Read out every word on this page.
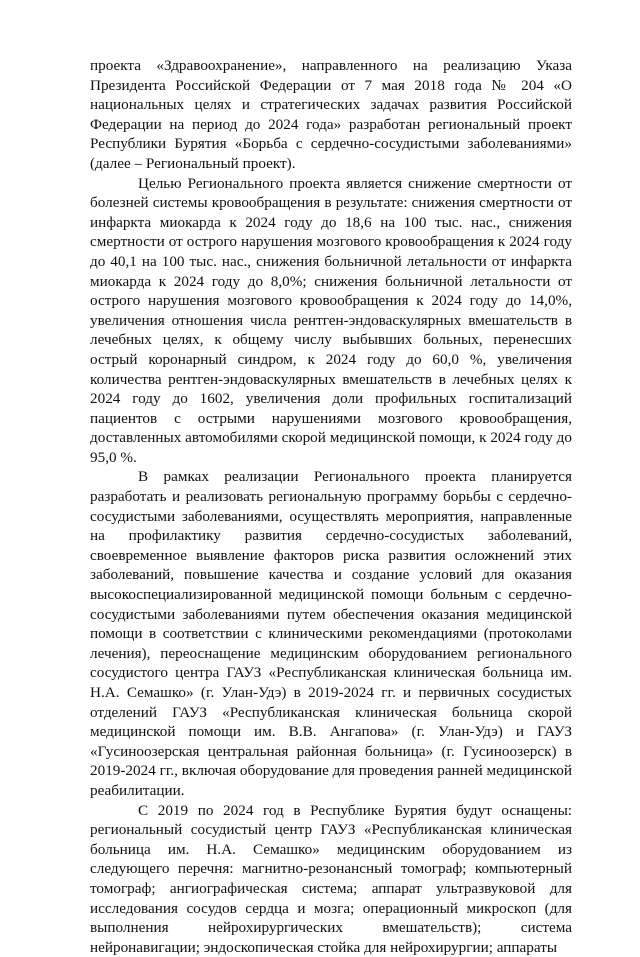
проекта «Здравоохранение», направленного на реализацию Указа Президента Российской Федерации от 7 мая 2018 года № 204 «О национальных целях и стратегических задачах развития Российской Федерации на период до 2024 года» разработан региональный проект Республики Бурятия «Борьба с сердечно-сосудистыми заболеваниями» (далее – Региональный проект).

Целью Регионального проекта является снижение смертности от болезней системы кровообращения в результате: снижения смертности от инфаркта миокарда к 2024 году до 18,6 на 100 тыс. нас., снижения смертности от острого нарушения мозгового кровообращения к 2024 году до 40,1 на 100 тыс. нас., снижения больничной летальности от инфаркта миокарда к 2024 году до 8,0%; снижения больничной летальности от острого нарушения мозгового кровообращения к 2024 году до 14,0%, увеличения отношения числа рентген-эндоваскулярных вмешательств в лечебных целях, к общему числу выбывших больных, перенесших острый коронарный синдром, к 2024 году до 60,0 %, увеличения количества рентген-эндоваскулярных вмешательств в лечебных целях к 2024 году до 1602, увеличения доли профильных госпитализаций пациентов с острыми нарушениями мозгового кровообращения, доставленных автомобилями скорой медицинской помощи, к 2024 году до 95,0 %.

В рамках реализации Регионального проекта планируется разработать и реализовать региональную программу борьбы с сердечно-сосудистыми заболеваниями, осуществлять мероприятия, направленные на профилактику развития сердечно-сосудистых заболеваний, своевременное выявление факторов риска развития осложнений этих заболеваний, повышение качества и создание условий для оказания высокоспециализированной медицинской помощи больным с сердечно-сосудистыми заболеваниями путем обеспечения оказания медицинской помощи в соответствии с клиническими рекомендациями (протоколами лечения), переоснащение медицинским оборудованием регионального сосудистого центра ГАУЗ «Республиканская клиническая больница им. Н.А. Семашко» (г. Улан-Удэ) в 2019-2024 гг. и первичных сосудистых отделений ГАУЗ «Республиканская клиническая больница скорой медицинской помощи им. В.В. Ангапова» (г. Улан-Удэ) и ГАУЗ «Гусиноозерская центральная районная больница» (г. Гусиноозерск) в 2019-2024 гг., включая оборудование для проведения ранней медицинской реабилитации.

С 2019 по 2024 год в Республике Бурятия будут оснащены: региональный сосудистый центр ГАУЗ «Республиканская клиническая больница им. Н.А. Семашко» медицинским оборудованием из следующего перечня: магнитно-резонансный томограф; компьютерный томограф; ангиографическая система; аппарат ультразвуковой для исследования сосудов сердца и мозга; операционный микроскоп (для выполнения нейрохирургических вмешательств); система нейронавигации; эндоскопическая стойка для нейрохирургии; аппараты
